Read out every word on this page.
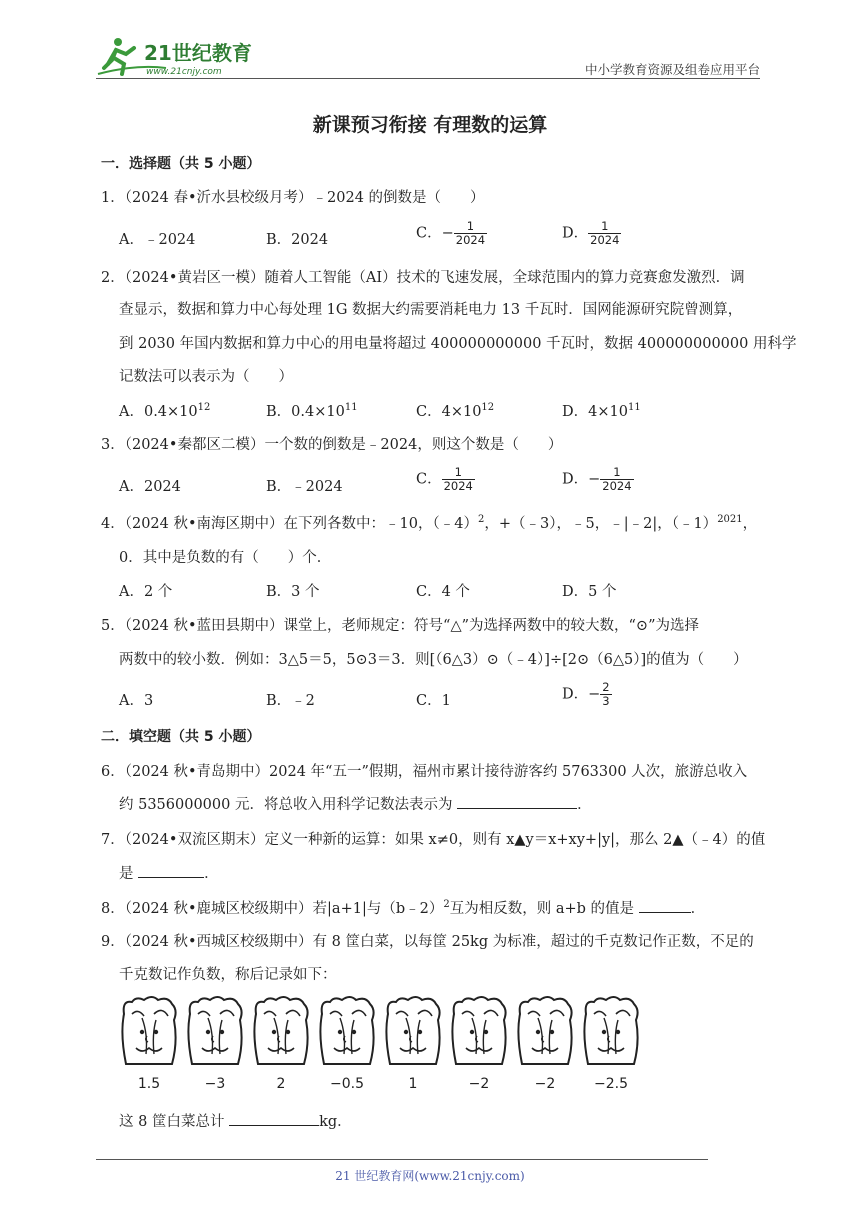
21世纪教育
www.21cnjy.com	中小学教育资源及组卷应用平台
新课预习衔接 有理数的运算
一．选择题（共 5 小题）
1．（2024 春•沂水县校级月考）﹣2024 的倒数是（　　）
A．﹣2024	B．2024	C．− $\frac{1}{2024}$	D． $\frac{1}{2024}$
2．（2024•黄岩区一模）随着人工智能（AI）技术的飞速发展，全球范围内的算力竞赛愈发激烈．调
查显示，数据和算力中心每处理 1G 数据大约需要消耗电力 13 千瓦时．国网能源研究院曾测算，
到 2030 年国内数据和算力中心的用电量将超过 400000000000 千瓦时，数据 400000000000 用科学
记数法可以表示为（　　）
A．$0.4\times 10^{12}$	B．$0.4\times 10^{11}$	C．$4\times 10^{12}$	D．$4\times 10^{11}$
3．（2024•秦都区二模）一个数的倒数是﹣2024，则这个数是（　　）
A．2024	B．﹣2024	C． $\frac{1}{2024}$	D．− $\frac{1}{2024}$
4．（2024 秋•南海区期中）在下列各数中：﹣10，（﹣4）$^2$，+（﹣3），﹣5，﹣|﹣2|，（﹣1）$^{2021}$，
0．其中是负数的有（　　）个．
A．2 个	B．3 个	C．4 个	D．5 个
5．（2024 秋•蓝田县期中）课堂上，老师规定：符号“△”为选择两数中的较大数，“⊙”为选择
两数中的较小数．例如：3△5＝5，5⊙3＝3．则[（6△3）⊙（﹣4）]÷[2⊙（6△5）]的值为（　　）
A．3	B．﹣2	C．1	D．− $\frac{2}{3}$
二．填空题（共 5 小题）
6．（2024 秋•青岛期中）2024 年“五一”假期，福州市累计接待游客约 5763300 人次，旅游总收入
约 5356000000 元．将总收入用科学记数法表示为	．
7．（2024•双流区期末）定义一种新的运算：如果 x≠0，则有 x▲y＝x+xy+|y|，那么 2▲（﹣4）的值
是	．
8．（2024 秋•鹿城区校级期中）若|a+1|与（b﹣2）$^2$互为相反数，则 a+b 的值是	．
9．（2024 秋•西城区校级期中）有 8 筐白菜，以每筐 25kg 为标准，超过的千克数记作正数，不足的
千克数记作负数，称后记录如下：
1.5	−3	2	−0.5	1	−2	−2	−2.5
这 8 筐白菜总计	kg．
21 世纪教育网(www.21cnjy.com)
